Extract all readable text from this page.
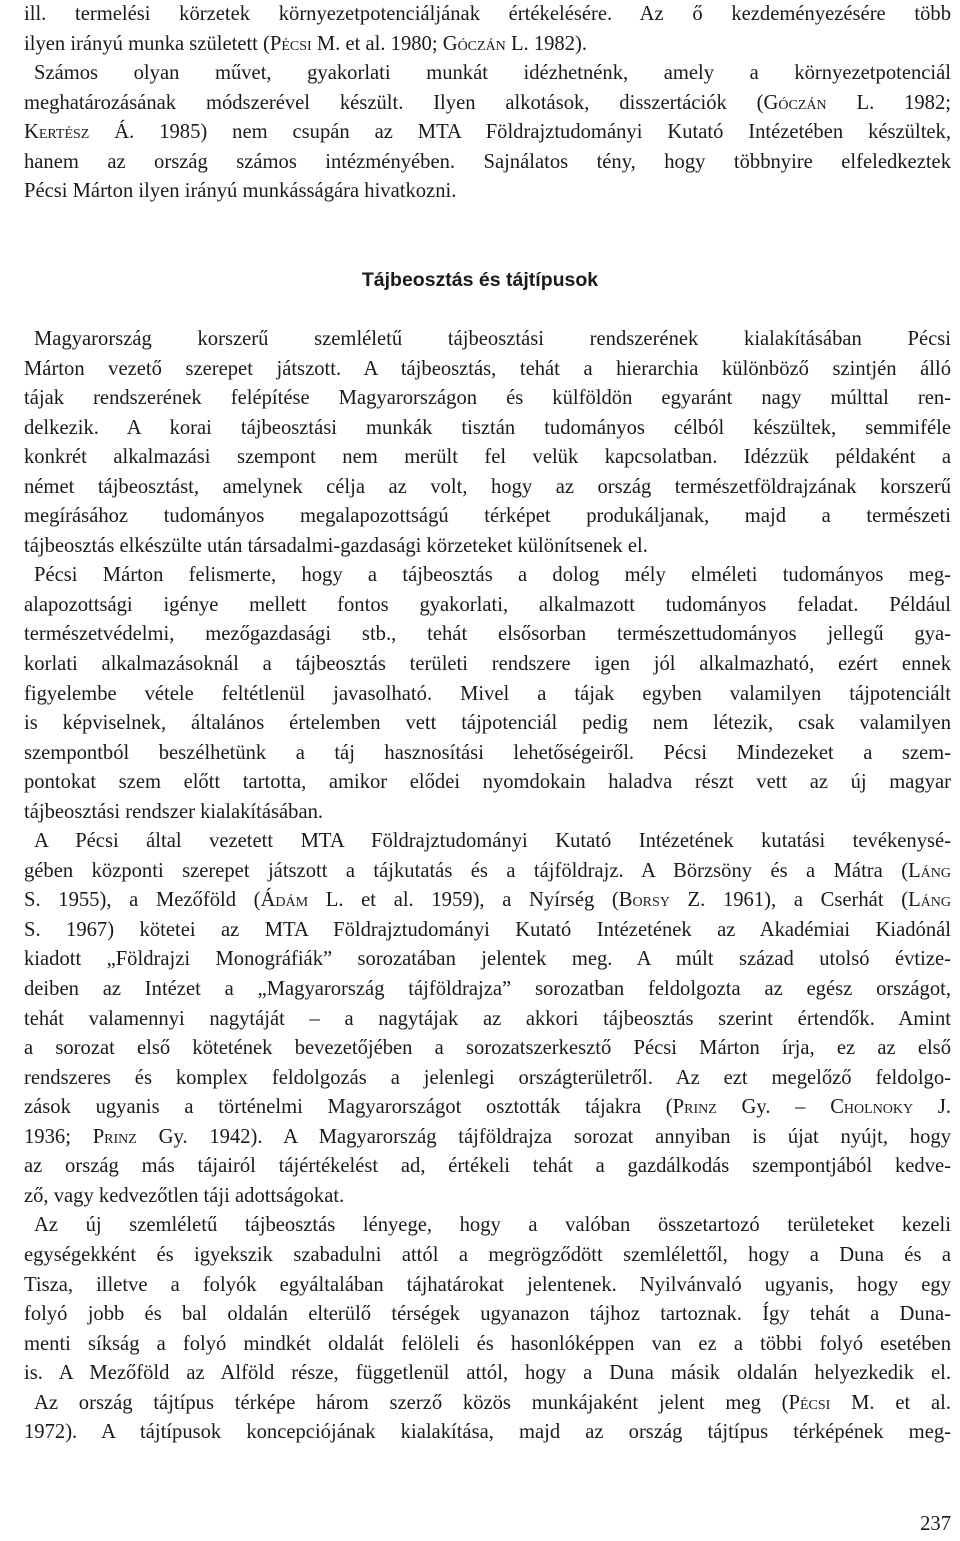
ill. termelési körzetek környezetpotenciáljának értékelésére. Az ő kezdeményezésére több
ilyen irányú munka született (Pécsi M. et al. 1980; Góczán L. 1982).
Számos olyan művet, gyakorlati munkát idézhetnénk, amely a környezetpotenciál
meghatározásának módszerével készült. Ilyen alkotások, disszertációk (Góczán L. 1982;
Kertész Á. 1985) nem csupán az MTA Földrajztudományi Kutató Intézetében készültek,
hanem az ország számos intézményében. Sajnálatos tény, hogy többnyire elfeledkeztek
Pécsi Márton ilyen irányú munkásságára hivatkozni.
Tájbeosztás és tájtípusok
Magyarország korszerű szemléletű tájbeosztási rendszerének kialakításában Pécsi
Márton vezető szerepet játszott. A tájbeosztás, tehát a hierarchia különböző szintjén álló
tájak rendszerének felépítése Magyarországon és külföldön egyaránt nagy múlttal ren-
delkezik. A korai tájbeosztási munkák tisztán tudományos célból készültek, semmiféle
konkrét alkalmazási szempont nem merült fel velük kapcsolatban. Idézzük példaként a
német tájbeosztást, amelynek célja az volt, hogy az ország természetföldrajzának korszerű
megírásához tudományos megalapozottságú térképet produkáljanak, majd a természeti
tájbeosztás elkészülte után társadalmi-gazdasági körzeteket különítsenek el.
Pécsi Márton felismerte, hogy a tájbeosztás a dolog mély elméleti tudományos meg-
alapozottsági igénye mellett fontos gyakorlati, alkalmazott tudományos feladat. Például
természetvédelmi, mezőgazdasági stb., tehát elsősorban természettudományos jellegű gya-
korlati alkalmazásoknál a tájbeosztás területi rendszere igen jól alkalmazható, ezért ennek
figyelembe vétele feltétlenül javasolható. Mivel a tájak egyben valamilyen tájpotenciált
is képviselnek, általános értelemben vett tájpotenciál pedig nem létezik, csak valamilyen
szempontból beszélhetünk a táj hasznosítási lehetőségeiről. Pécsi Mindezeket a szem-
pontokat szem előtt tartotta, amikor elődei nyomdokain haladva részt vett az új magyar
tájbeosztási rendszer kialakításában.
A Pécsi által vezetett MTA Földrajztudományi Kutató Intézetének kutatási tevékenysé-
gében központi szerepet játszott a tájkutatás és a tájföldrajz. A Börzsöny és a Mátra (Láng
S. 1955), a Mezőföld (Ádám L. et al. 1959), a Nyírség (Borsy Z. 1961), a Cserhát (Láng
S. 1967) kötetei az MTA Földrajztudományi Kutató Intézetének az Akadémiai Kiadónál
kiadott „Földrajzi Monográfiák” sorozatában jelentek meg. A múlt század utolsó évtize-
deiben az Intézet a „Magyarország tájföldrajza” sorozatban feldolgozta az egész országot,
tehát valamennyi nagytáját – a nagytájak az akkori tájbeosztás szerint értendők. Amint
a sorozat első kötetének bevezetőjében a sorozatszerkesztő Pécsi Márton írja, ez az első
rendszeres és komplex feldolgozás a jelenlegi országterületről. Az ezt megelőző feldolgo-
zások ugyanis a történelmi Magyarországot osztották tájakra (Prinz Gy. – Cholnoky J.
1936; Prinz Gy. 1942). A Magyarország tájföldrajza sorozat annyiban is újat nyújt, hogy
az ország más tájairól tájértékelést ad, értékeli tehát a gazdálkodás szempontjából kedve-
ző, vagy kedvezőtlen táji adottságokat.
Az új szemléletű tájbeosztás lényege, hogy a valóban összetartozó területeket kezeli
egységekként és igyekszik szabadulni attól a megrögződött szemlélettől, hogy a Duna és a
Tisza, illetve a folyók egyáltalában tájhatárokat jelentenek. Nyilvánvaló ugyanis, hogy egy
folyó jobb és bal oldalán elterülő térségek ugyanazon tájhoz tartoznak. Így tehát a Duna-
menti síkság a folyó mindkét oldalát felöleli és hasonlóképpen van ez a többi folyó esetében
is. A Mezőföld az Alföld része, függetlenül attól, hogy a Duna másik oldalán helyezkedik el.
Az ország tájtípus térképe három szerző közös munkájaként jelent meg (Pécsi M. et al.
1972). A tájtípusok koncepciójának kialakítása, majd az ország tájtípus térképének meg-
237
